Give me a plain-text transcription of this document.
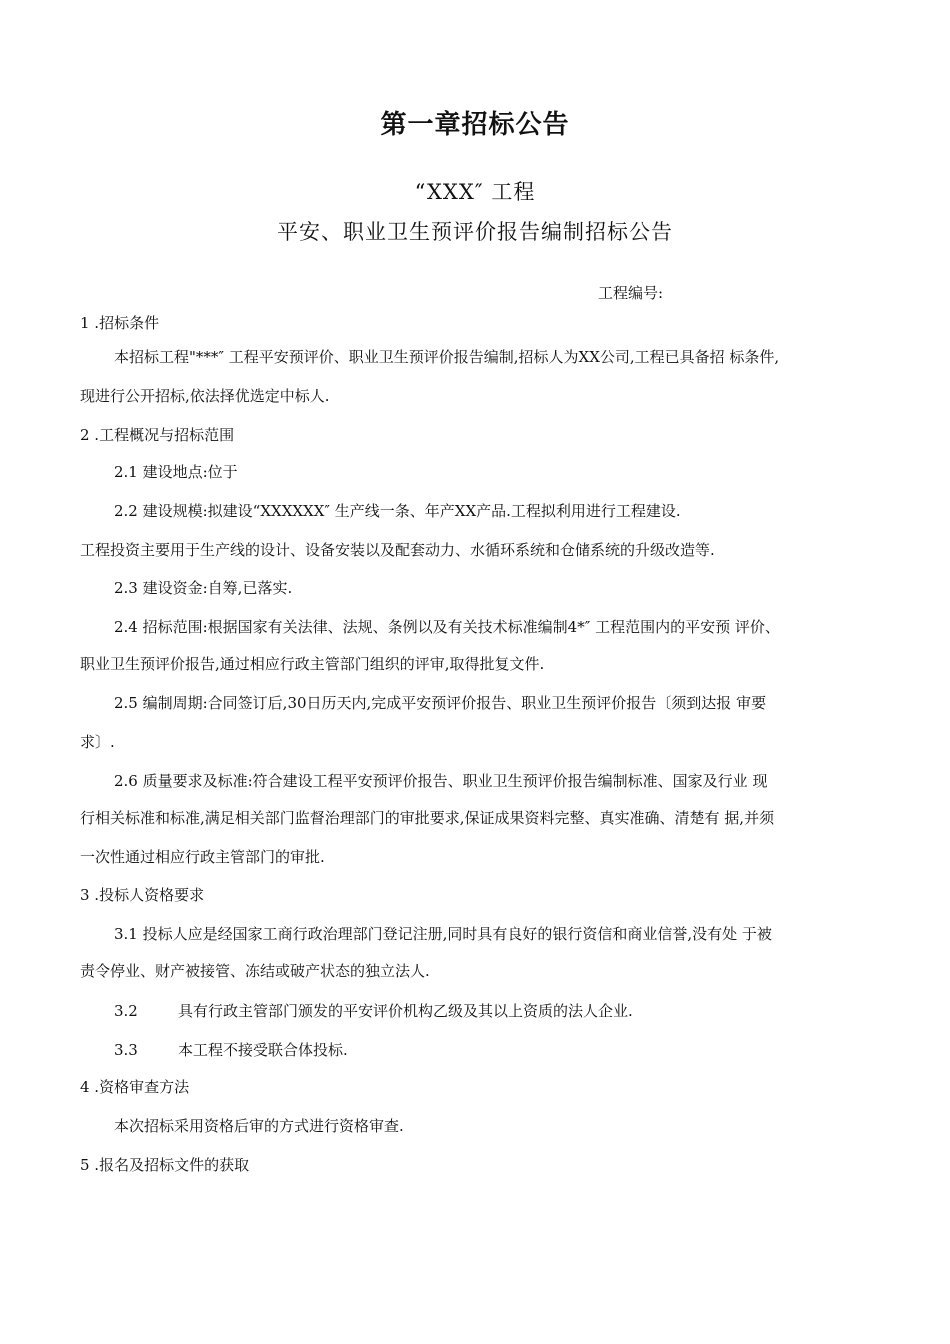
第一章招标公告
“XXX″ 工程
平安、职业卫生预评价报告编制招标公告
工程编号:
1 .招标条件
本招标工程"***″ 工程平安预评价、职业卫生预评价报告编制,招标人为XX公司,工程已具备招 标条件,
现进行公开招标,依法择优选定中标人.
2 .工程概况与招标范围
2.1 建设地点:位于
2.2 建设规模:拟建设“XXXXXX″ 生产线一条、年产XX产品.工程拟利用进行工程建设.
工程投资主要用于生产线的设计、设备安装以及配套动力、水循环系统和仓储系统的升级改造等.
2.3 建设资金:自筹,已落实.
2.4 招标范围:根据国家有关法律、法规、条例以及有关技术标准编制4*″ 工程范围内的平安预 评价、
职业卫生预评价报告,通过相应行政主管部门组织的评审,取得批复文件.
2.5 编制周期:合同签订后,30日历天内,完成平安预评价报告、职业卫生预评价报告〔须到达报 审要
求〕.
2.6 质量要求及标准:符合建设工程平安预评价报告、职业卫生预评价报告编制标准、国家及行业 现
行相关标准和标准,满足相关部门监督治理部门的审批要求,保证成果资料完整、真实准确、清楚有 据,并须
一次性通过相应行政主管部门的审批.
3 .投标人资格要求
3.1 投标人应是经国家工商行政治理部门登记注册,同时具有良好的银行资信和商业信誉,没有处 于被
责令停业、财产被接管、冻结或破产状态的独立法人.
3.2	具有行政主管部门颁发的平安评价机构乙级及其以上资质的法人企业.
3.3	本工程不接受联合体投标.
4 .资格审查方法
本次招标采用资格后审的方式进行资格审查.
5 .报名及招标文件的获取
